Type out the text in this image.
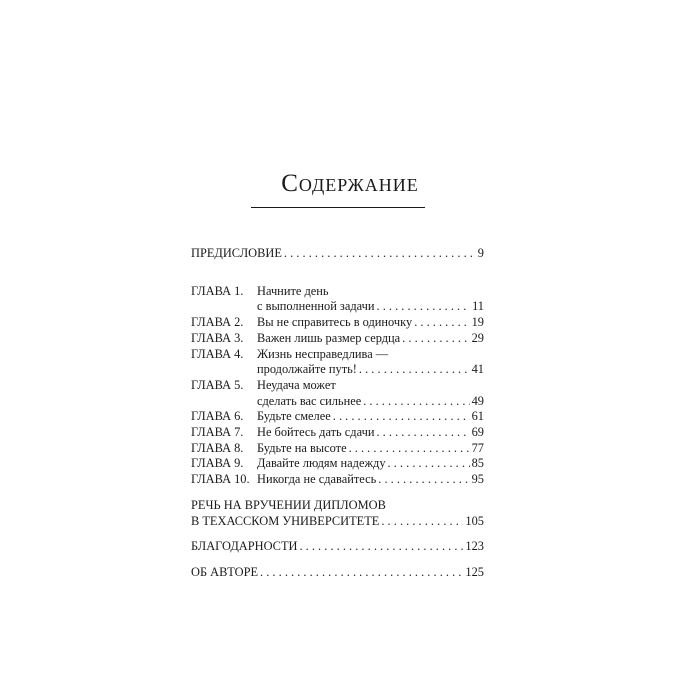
Содержание
ПРЕДИСЛОВИЕ . . .	9
ГЛАВА 1. Начните день
с выполненной задачи . . .	11
ГЛАВА 2. Вы не справитесь в одиночку . . .	19
ГЛАВА 3. Важен лишь размер сердца . . .	29
ГЛАВА 4. Жизнь несправедлива —
продолжайте путь! . . .	41
ГЛАВА 5. Неудача может
сделать вас сильнее . . .	49
ГЛАВА 6. Будьте смелее . . .	61
ГЛАВА 7. Не бойтесь дать сдачи . . .	69
ГЛАВА 8. Будьте на высоте . . .	77
ГЛАВА 9. Давайте людям надежду . . .	85
ГЛАВА 10. Никогда не сдавайтесь . . .	95
РЕЧЬ НА ВРУЧЕНИИ ДИПЛОМОВ
В ТЕХАССКОМ УНИВЕРСИТЕТЕ . . .	105
БЛАГОДАРНОСТИ . . .	123
ОБ АВТОРЕ . . .	125
